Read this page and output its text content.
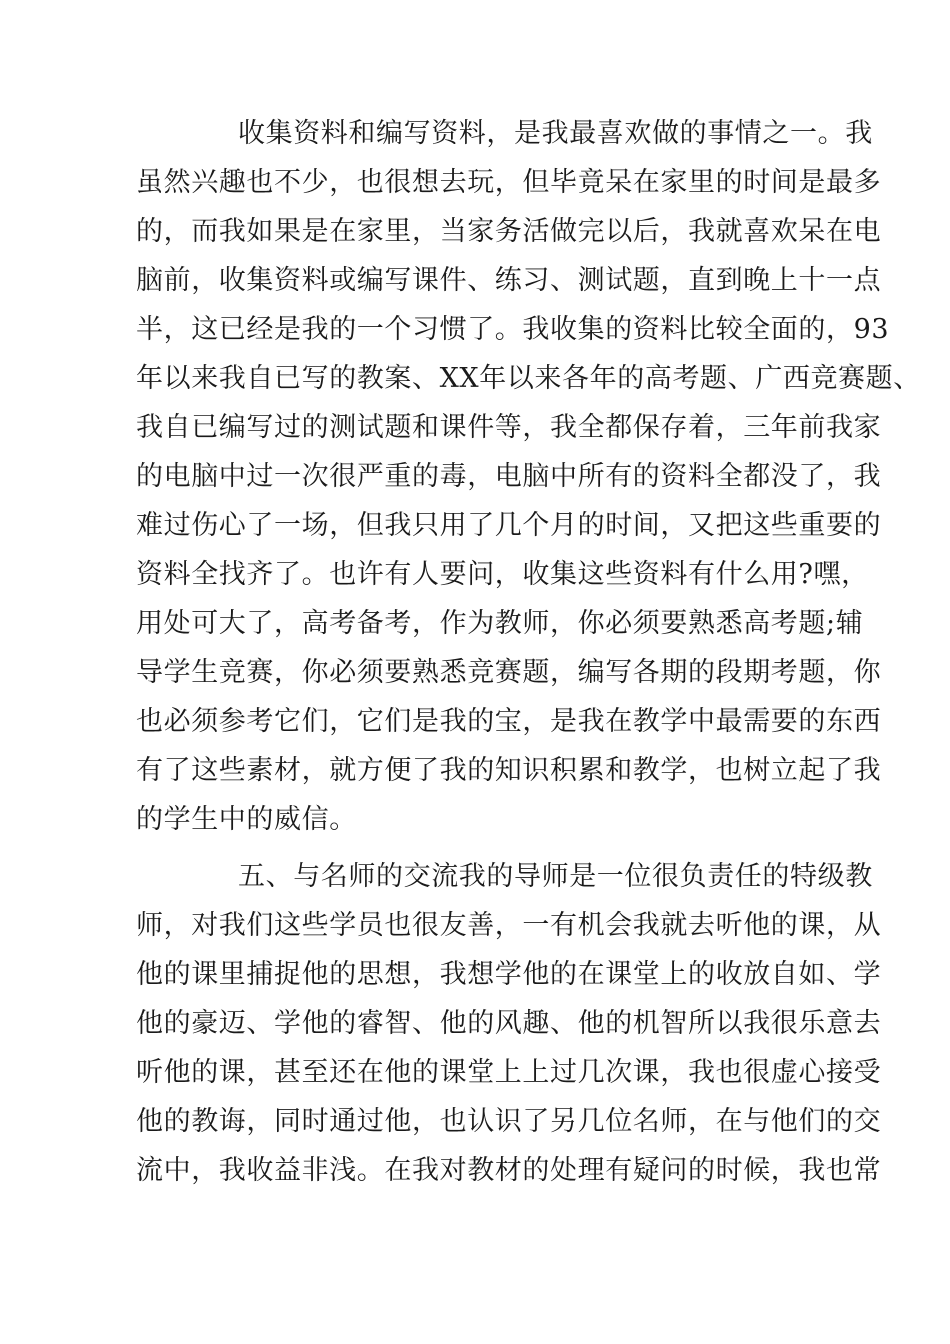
收集资料和编写资料，是我最喜欢做的事情之一。我
虽然兴趣也不少，也很想去玩，但毕竟呆在家里的时间是最多
的，而我如果是在家里，当家务活做完以后，我就喜欢呆在电
脑前，收集资料或编写课件、练习、测试题，直到晚上十一点
半，这已经是我的一个习惯了。我收集的资料比较全面的，93
年以来我自已写的教案、XX年以来各年的高考题、广西竞赛题、
我自已编写过的测试题和课件等，我全都保存着，三年前我家
的电脑中过一次很严重的毒，电脑中所有的资料全都没了，我
难过伤心了一场，但我只用了几个月的时间，又把这些重要的
资料全找齐了。也许有人要问，收集这些资料有什么用?嘿，
用处可大了，高考备考，作为教师，你必须要熟悉高考题;辅
导学生竞赛，你必须要熟悉竞赛题，编写各期的段期考题，你
也必须参考它们，它们是我的宝，是我在教学中最需要的东西
有了这些素材，就方便了我的知识积累和教学，也树立起了我
的学生中的威信。
五、与名师的交流我的导师是一位很负责任的特级教
师，对我们这些学员也很友善，一有机会我就去听他的课，从
他的课里捕捉他的思想，我想学他的在课堂上的收放自如、学
他的豪迈、学他的睿智、他的风趣、他的机智所以我很乐意去
听他的课，甚至还在他的课堂上上过几次课，我也很虚心接受
他的教诲，同时通过他，也认识了另几位名师，在与他们的交
流中，我收益非浅。在我对教材的处理有疑问的时候，我也常
